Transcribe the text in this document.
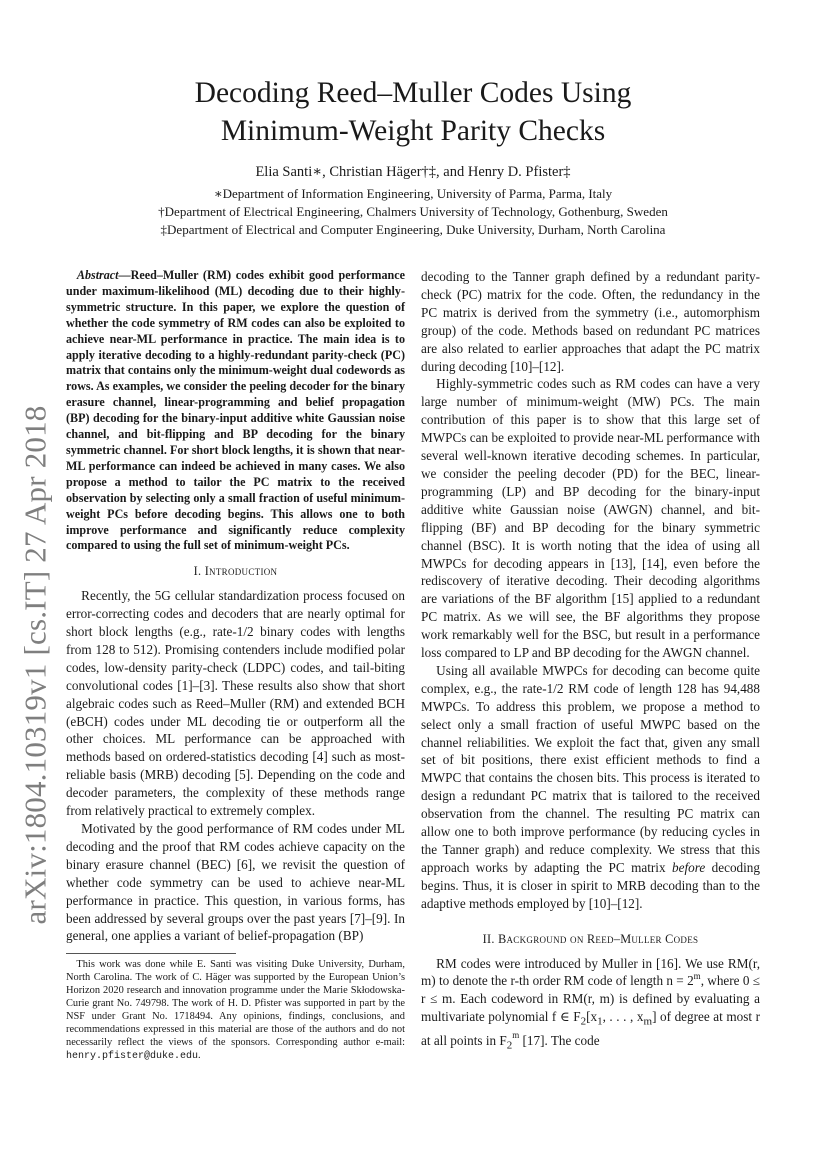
arXiv:1804.10319v1 [cs.IT] 27 Apr 2018
Decoding Reed–Muller Codes Using
Minimum-Weight Parity Checks
Elia Santi∗, Christian Häger†‡, and Henry D. Pfister‡
∗Department of Information Engineering, University of Parma, Parma, Italy
†Department of Electrical Engineering, Chalmers University of Technology, Gothenburg, Sweden
‡Department of Electrical and Computer Engineering, Duke University, Durham, North Carolina

Abstract—Reed–Muller (RM) codes exhibit good performance under maximum-likelihood (ML) decoding due to their highly-symmetric structure. In this paper, we explore the question of whether the code symmetry of RM codes can also be exploited to achieve near-ML performance in practice. The main idea is to apply iterative decoding to a highly-redundant parity-check (PC) matrix that contains only the minimum-weight dual codewords as rows. As examples, we consider the peeling decoder for the binary erasure channel, linear-programming and belief propagation (BP) decoding for the binary-input additive white Gaussian noise channel, and bit-flipping and BP decoding for the binary symmetric channel. For short block lengths, it is shown that near-ML performance can indeed be achieved in many cases. We also propose a method to tailor the PC matrix to the received observation by selecting only a small fraction of useful minimum-weight PCs before decoding begins. This allows one to both improve performance and significantly reduce complexity compared to using the full set of minimum-weight PCs.

I. Introduction

Recently, the 5G cellular standardization process focused on error-correcting codes and decoders that are nearly optimal for short block lengths (e.g., rate-1/2 binary codes with lengths from 128 to 512). Promising contenders include modified polar codes, low-density parity-check (LDPC) codes, and tail-biting convolutional codes [1]–[3]. These results also show that short algebraic codes such as Reed–Muller (RM) and extended BCH (eBCH) codes under ML decoding tie or outperform all the other choices. ML performance can be approached with methods based on ordered-statistics decoding [4] such as most-reliable basis (MRB) decoding [5]. Depending on the code and decoder parameters, the complexity of these methods range from relatively practical to extremely complex.

Motivated by the good performance of RM codes under ML decoding and the proof that RM codes achieve capacity on the binary erasure channel (BEC) [6], we revisit the question of whether code symmetry can be used to achieve near-ML performance in practice. This question, in various forms, has been addressed by several groups over the past years [7]–[9]. In general, one applies a variant of belief-propagation (BP)

This work was done while E. Santi was visiting Duke University, Durham, North Carolina. The work of C. Häger was supported by the European Union’s Horizon 2020 research and innovation programme under the Marie Skłodowska-Curie grant No. 749798. The work of H. D. Pfister was supported in part by the NSF under Grant No. 1718494. Any opinions, findings, conclusions, and recommendations expressed in this material are those of the authors and do not necessarily reflect the views of the sponsors. Corresponding author e-mail: henry.pfister@duke.edu.

decoding to the Tanner graph defined by a redundant parity-check (PC) matrix for the code. Often, the redundancy in the PC matrix is derived from the symmetry (i.e., automorphism group) of the code. Methods based on redundant PC matrices are also related to earlier approaches that adapt the PC matrix during decoding [10]–[12].

Highly-symmetric codes such as RM codes can have a very large number of minimum-weight (MW) PCs. The main contribution of this paper is to show that this large set of MWPCs can be exploited to provide near-ML performance with several well-known iterative decoding schemes. In particular, we consider the peeling decoder (PD) for the BEC, linear-programming (LP) and BP decoding for the binary-input additive white Gaussian noise (AWGN) channel, and bit-flipping (BF) and BP decoding for the binary symmetric channel (BSC). It is worth noting that the idea of using all MWPCs for decoding appears in [13], [14], even before the rediscovery of iterative decoding. Their decoding algorithms are variations of the BF algorithm [15] applied to a redundant PC matrix. As we will see, the BF algorithms they propose work remarkably well for the BSC, but result in a performance loss compared to LP and BP decoding for the AWGN channel.

Using all available MWPCs for decoding can become quite complex, e.g., the rate-1/2 RM code of length 128 has 94,488 MWPCs. To address this problem, we propose a method to select only a small fraction of useful MWPC based on the channel reliabilities. We exploit the fact that, given any small set of bit positions, there exist efficient methods to find a MWPC that contains the chosen bits. This process is iterated to design a redundant PC matrix that is tailored to the received observation from the channel. The resulting PC matrix can allow one to both improve performance (by reducing cycles in the Tanner graph) and reduce complexity. We stress that this approach works by adapting the PC matrix before decoding begins. Thus, it is closer in spirit to MRB decoding than to the adaptive methods employed by [10]–[12].

II. Background on Reed–Muller Codes

RM codes were introduced by Muller in [16]. We use RM(r, m) to denote the r-th order RM code of length $n = 2^m$, where 0 ≤ r ≤ m. Each codeword in RM(r, m) is defined by evaluating a multivariate polynomial f ∈ $F_2[x_1$, . . . , $x_m$] of degree at most r at all points in $F_2^m$ [17]. The code
